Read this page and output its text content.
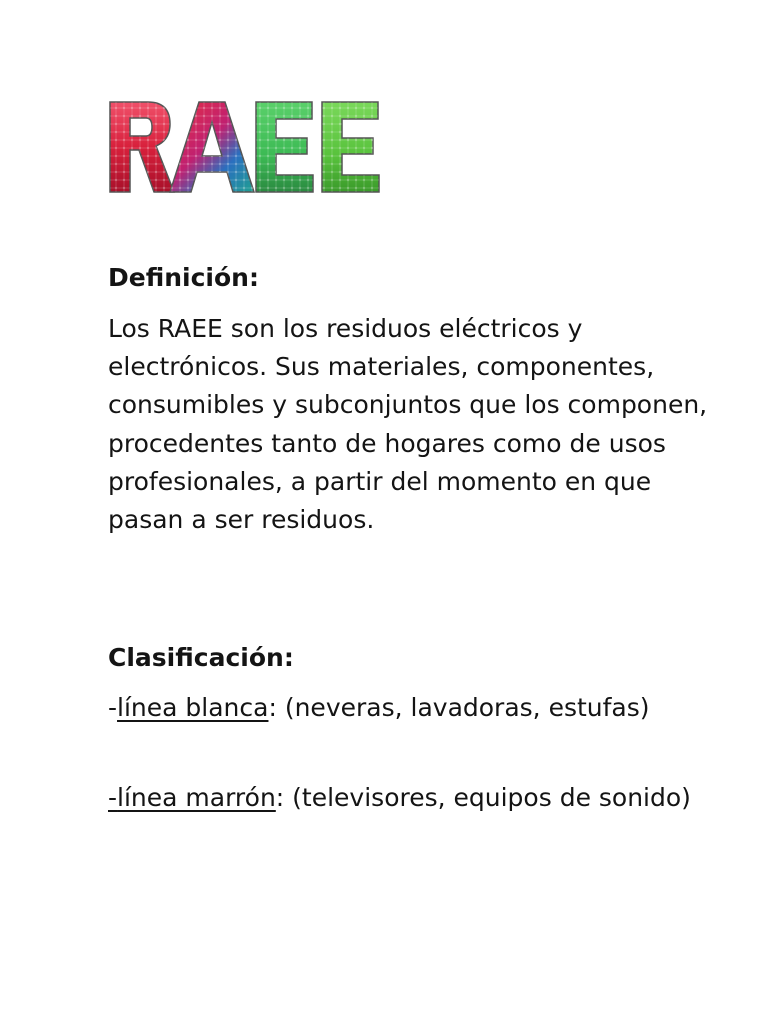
Definición:

Los RAEE son los residuos eléctricos y electrónicos. Sus materiales, componentes, consumibles y subconjuntos que los componen, procedentes tanto de hogares como de usos profesionales, a partir del momento en que pasan a ser residuos.

Clasificación:

-línea blanca: (neveras, lavadoras, estufas)

-línea marrón: (televisores, equipos de sonido)
